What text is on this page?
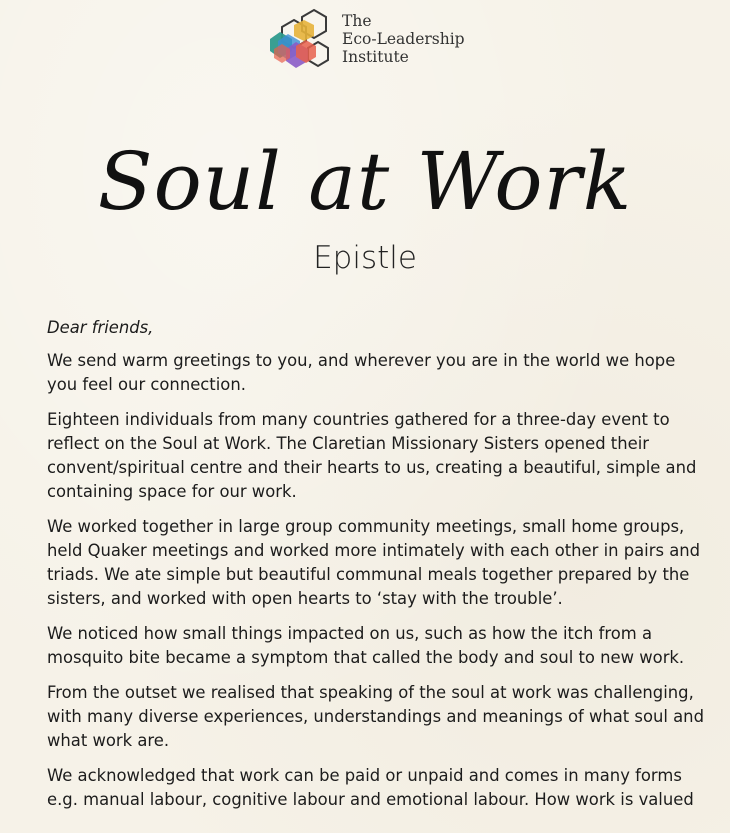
The
Eco-Leadership
Institute
Soul at Work
Epistle

Dear friends,

We send warm greetings to you, and wherever you are in the world we hope you feel our connection.

Eighteen individuals from many countries gathered for a three-day event to reflect on the Soul at Work. The Claretian Missionary Sisters opened their convent/spiritual centre and their hearts to us, creating a beautiful, simple and containing space for our work.

We worked together in large group community meetings, small home groups, held Quaker meetings and worked more intimately with each other in pairs and triads. We ate simple but beautiful communal meals together prepared by the sisters, and worked with open hearts to ‘stay with the trouble’.

We noticed how small things impacted on us, such as how the itch from a mosquito bite became a symptom that called the body and soul to new work.

From the outset we realised that speaking of the soul at work was challenging, with many diverse experiences, understandings and meanings of what soul and what work are.

We acknowledged that work can be paid or unpaid and comes in many forms e.g. manual labour, cognitive labour and emotional labour. How work is valued
